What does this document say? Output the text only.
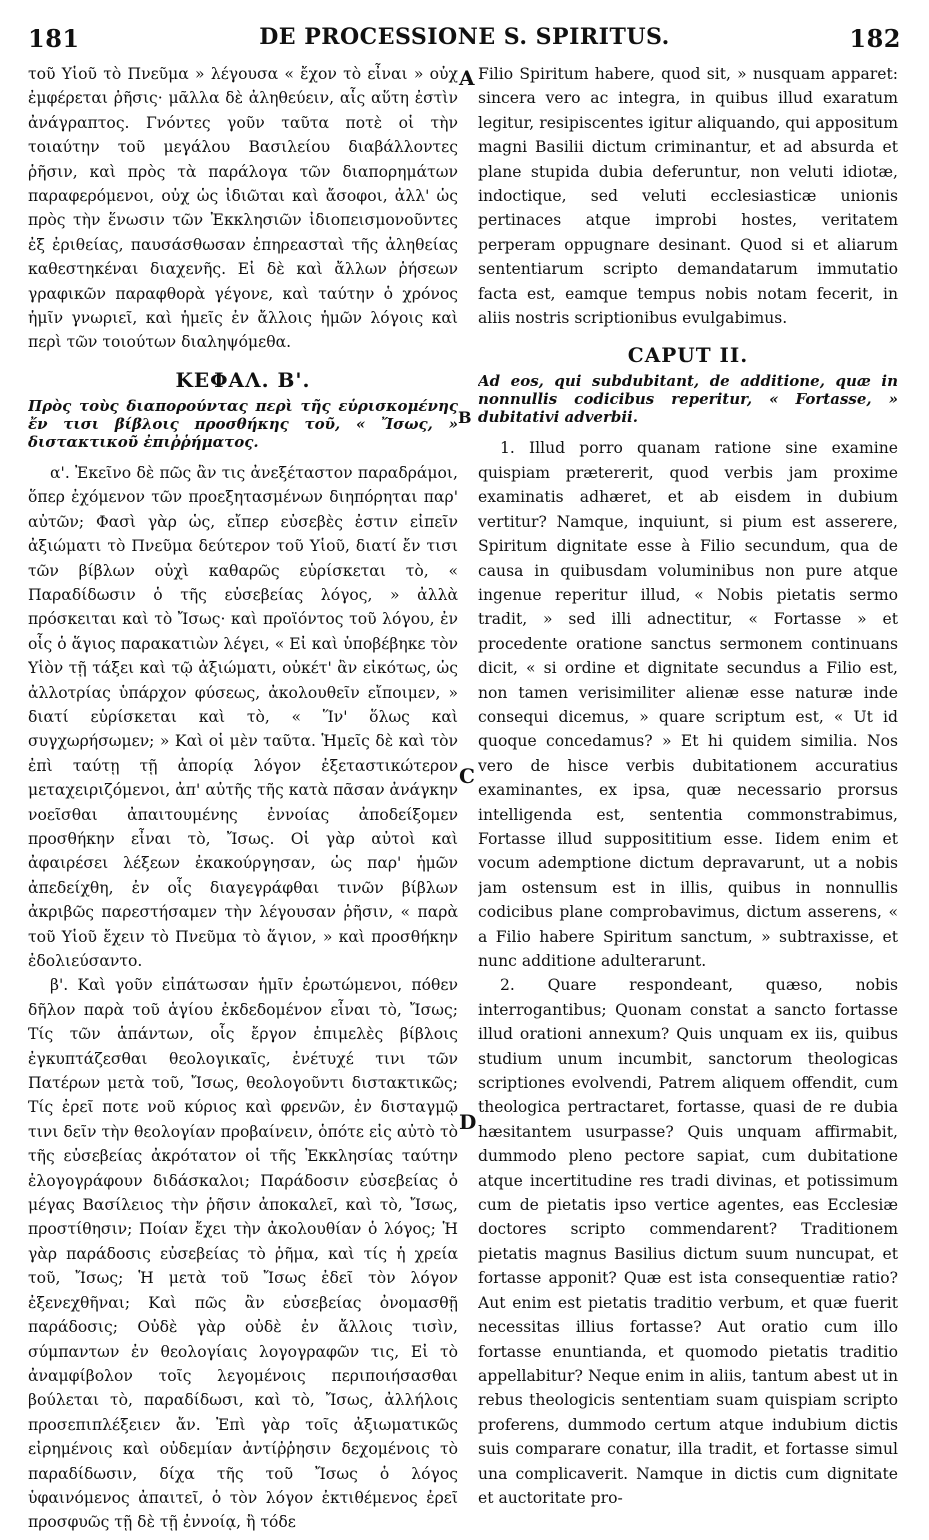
181	DE PROCESSIONE S. SPIRITUS.	182

τοῦ Υἱοῦ τὸ Πνεῦμα » λέγουσα « ἔχον τὸ εἶναι » οὐχ ἐμφέρεται ῥῆσις· μᾶλλα δὲ ἀληθεύειν, αἷς αὕτη ἐστὶν ἀνάγραπτος. Γνόντες γοῦν ταῦτα ποτὲ οἱ τὴν τοιαύτην τοῦ μεγάλου Βασιλείου διαβάλλοντες ῥῆσιν, καὶ πρὸς τὰ παράλογα τῶν διαπορημάτων παραφερόμενοι, οὐχ ὡς ἰδιῶται καὶ ἄσοφοι, ἀλλ' ὡς πρὸς τὴν ἕνωσιν τῶν Ἐκκλησιῶν ἰδιοπεισμονοῦντες ἐξ ἐριθείας, παυσάσθωσαν ἐπηρεασταὶ τῆς ἀληθείας καθεστηκέναι διαχενῆς. Εἰ δὲ καὶ ἄλλων ῥήσεων γραφικῶν παραφθορὰ γέγονε, καὶ ταύτην ὁ χρόνος ἡμῖν γνωριεῖ, καὶ ἡμεῖς ἐν ἄλλοις ἡμῶν λόγοις καὶ περὶ τῶν τοιούτων διαληψόμεθα.

ΚΕΦΑΛ. Β'.
Πρὸς τοὺς διαπορούντας περὶ τῆς εὑρισκομένης ἔν τισι βίβλοις προσθήκης τοῦ, « Ἴσως, » διστακτικοῦ ἐπιῤῥήματος.

α'. Ἐκεῖνο δὲ πῶς ἂν τις ἀνεξέταστον παραδράμοι, ὅπερ ἐχόμενον τῶν προεξητασμένων διηπόρηται παρ' αὐτῶν; Φασὶ γὰρ ὡς, εἴπερ εὐσεβὲς ἐστιν εἰπεῖν ἀξιώματι τὸ Πνεῦμα δεύτερον τοῦ Υἱοῦ, διατί ἔν τισι τῶν βίβλων οὐχὶ καθαρῶς εὑρίσκεται τὸ, « Παραδίδωσιν ὁ τῆς εὐσεβείας λόγος, » ἀλλὰ πρόσκειται καὶ τὸ Ἴσως· καὶ προϊόντος τοῦ λόγου, ἐν οἷς ὁ ἅγιος παρακατιὼν λέγει, « Εἰ καὶ ὑποβέβηκε τὸν Υἱὸν τῇ τάξει καὶ τῷ ἀξιώματι, οὐκέτ' ἂν εἰκότως, ὡς ἀλλοτρίας ὑπάρχον φύσεως, ἀκολουθεῖν εἴποιμεν, » διατί εὑρίσκεται καὶ τὸ, « Ἵν' ὅλως καὶ συγχωρήσωμεν; » Καὶ οἱ μὲν ταῦτα. Ἡμεῖς δὲ καὶ τὸν ἐπὶ ταύτῃ τῇ ἀπορίᾳ λόγον ἐξεταστικώτερον μεταχειριζόμενοι, ἀπ' αὐτῆς τῆς κατὰ πᾶσαν ἀνάγκην νοεῖσθαι ἀπαιτουμένης ἐννοίας ἀποδείξομεν προσθήκην εἶναι τὸ, Ἴσως. Οἱ γὰρ αὐτοὶ καὶ ἀφαιρέσει λέξεων ἐκακούργησαν, ὡς παρ' ἡμῶν ἀπεδείχθη, ἐν οἷς διαγεγράφθαι τινῶν βίβλων ἀκριβῶς παρεστήσαμεν τὴν λέγουσαν ῥῆσιν, « παρὰ τοῦ Υἱοῦ ἔχειν τὸ Πνεῦμα τὸ ἅγιον, » καὶ προσθήκην ἐδολιεύσαντο.

β'. Καὶ γοῦν εἰπάτωσαν ἡμῖν ἐρωτώμενοι, πόθεν δῆλον παρὰ τοῦ ἁγίου ἐκδεδομένον εἶναι τὸ, Ἴσως; Τίς τῶν ἁπάντων, οἷς ἔργον ἐπιμελὲς βίβλοις ἐγκυπτάζεσθαι θεολογικαῖς, ἐνέτυχέ τινι τῶν Πατέρων μετὰ τοῦ, Ἴσως, θεολογοῦντι διστακτικῶς; Τίς ἐρεῖ ποτε νοῦ κύριος καὶ φρενῶν, ἐν δισταγμῷ τινι δεῖν τὴν θεολογίαν προβαίνειν, ὁπότε εἰς αὐτὸ τὸ τῆς εὐσεβείας ἀκρότατον οἱ τῆς Ἐκκλησίας ταύτην ἐλογογράφουν διδάσκαλοι; Παράδοσιν εὐσεβείας ὁ μέγας Βασίλειος τὴν ῥῆσιν ἀποκαλεῖ, καὶ τὸ, Ἴσως, προστίθησιν; Ποίαν ἔχει τὴν ἀκολουθίαν ὁ λόγος; Ἡ γὰρ παράδοσις εὐσεβείας τὸ ῥῆμα, καὶ τίς ἡ χρεία τοῦ, Ἴσως; Ἡ μετὰ τοῦ Ἴσως ἐδεῖ τὸν λόγον ἐξενεχθῆναι; Καὶ πῶς ἂν εὐσεβείας ὀνομασθῇ παράδοσις; Οὐδὲ γὰρ οὐδὲ ἐν ἄλλοις τισὶν, σύμπαντων ἐν θεολογίαις λογογραφῶν τις, Εἰ τὸ ἀναμφίβολον τοῖς λεγομένοις περιποιήσασθαι βούλεται τὸ, παραδίδωσι, καὶ τὸ, Ἴσως, ἀλλήλοις προσεπιπλέξειεν ἄν. Ἐπὶ γὰρ τοῖς ἀξιωματικῶς εἰρημένοις καὶ οὐδεμίαν ἀντίῤῥησιν δεχομένοις τὸ παραδίδωσιν, δίχα τῆς τοῦ Ἴσως ὁ λόγος ὑφαινόμενος ἀπαιτεῖ, ὁ τὸν λόγον ἐκτιθέμενος ἐρεῖ προσφυῶς τῇ δὲ τῇ ἐννοίᾳ, ἢ τόδε

Filio Spiritum habere, quod sit, » nusquam apparet: sincera vero ac integra, in quibus illud exaratum legitur, resipiscentes igitur aliquando, qui appositum magni Basilii dictum criminantur, et ad absurda et plane stupida dubia deferuntur, non veluti idiotæ, indoctique, sed veluti ecclesiasticæ unionis pertinaces atque improbi hostes, veritatem perperam oppugnare desinant. Quod si et aliarum sententiarum scripto demandatarum immutatio facta est, eamque tempus nobis notam fecerit, in aliis nostris scriptionibus evulgabimus.

CAPUT II.
Ad eos, qui subdubitant, de additione, quæ in nonnullis codicibus reperitur, « Fortasse, » dubitativi adverbii.

1. Illud porro quanam ratione sine examine quispiam prætererit, quod verbis jam proxime examinatis adhæret, et ab eisdem in dubium vertitur? Namque, inquiunt, si pium est asserere, Spiritum dignitate esse à Filio secundum, qua de causa in quibusdam voluminibus non pure atque ingenue reperitur illud, « Nobis pietatis sermo tradit, » sed illi adnectitur, « Fortasse » et procedente oratione sanctus sermonem continuans dicit, « si ordine et dignitate secundus a Filio est, non tamen verisimiliter alienæ esse naturæ inde consequi dicemus, » quare scriptum est, « Ut id quoque concedamus? » Et hi quidem similia. Nos vero de hisce verbis dubitationem accuratius examinantes, ex ipsa, quæ necessario prorsus intelligenda est, sententia commonstrabimus, Fortasse illud supposititium esse. Iidem enim et vocum ademptione dictum depravarunt, ut a nobis jam ostensum est in illis, quibus in nonnullis codicibus plane comprobavimus, dictum asserens, « a Filio habere Spiritum sanctum, » subtraxisse, et nunc additione adulterarunt.

2. Quare respondeant, quæso, nobis interrogantibus; Quonam constat a sancto fortasse illud orationi annexum? Quis unquam ex iis, quibus studium unum incumbit, sanctorum theologicas scriptiones evolvendi, Patrem aliquem offendit, cum theologica pertractaret, fortasse, quasi de re dubia hæsitantem usurpasse? Quis unquam affirmabit, dummodo pleno pectore sapiat, cum dubitatione atque incertitudine res tradi divinas, et potissimum cum de pietatis ipso vertice agentes, eas Ecclesiæ doctores scripto commendarent? Traditionem pietatis magnus Basilius dictum suum nuncupat, et fortasse apponit? Quæ est ista consequentiæ ratio? Aut enim est pietatis traditio verbum, et quæ fuerit necessitas illius fortasse? Aut oratio cum illo fortasse enuntianda, et quomodo pietatis traditio appellabitur? Neque enim in aliis, tantum abest ut in rebus theologicis sententiam suam quispiam scripto proferens, dummodo certum atque indubium dictis suis comparare conatur, illa tradit, et fortasse simul una complicaverit. Namque in dictis cum dignitate et auctoritate pro-

A
B
C
D
